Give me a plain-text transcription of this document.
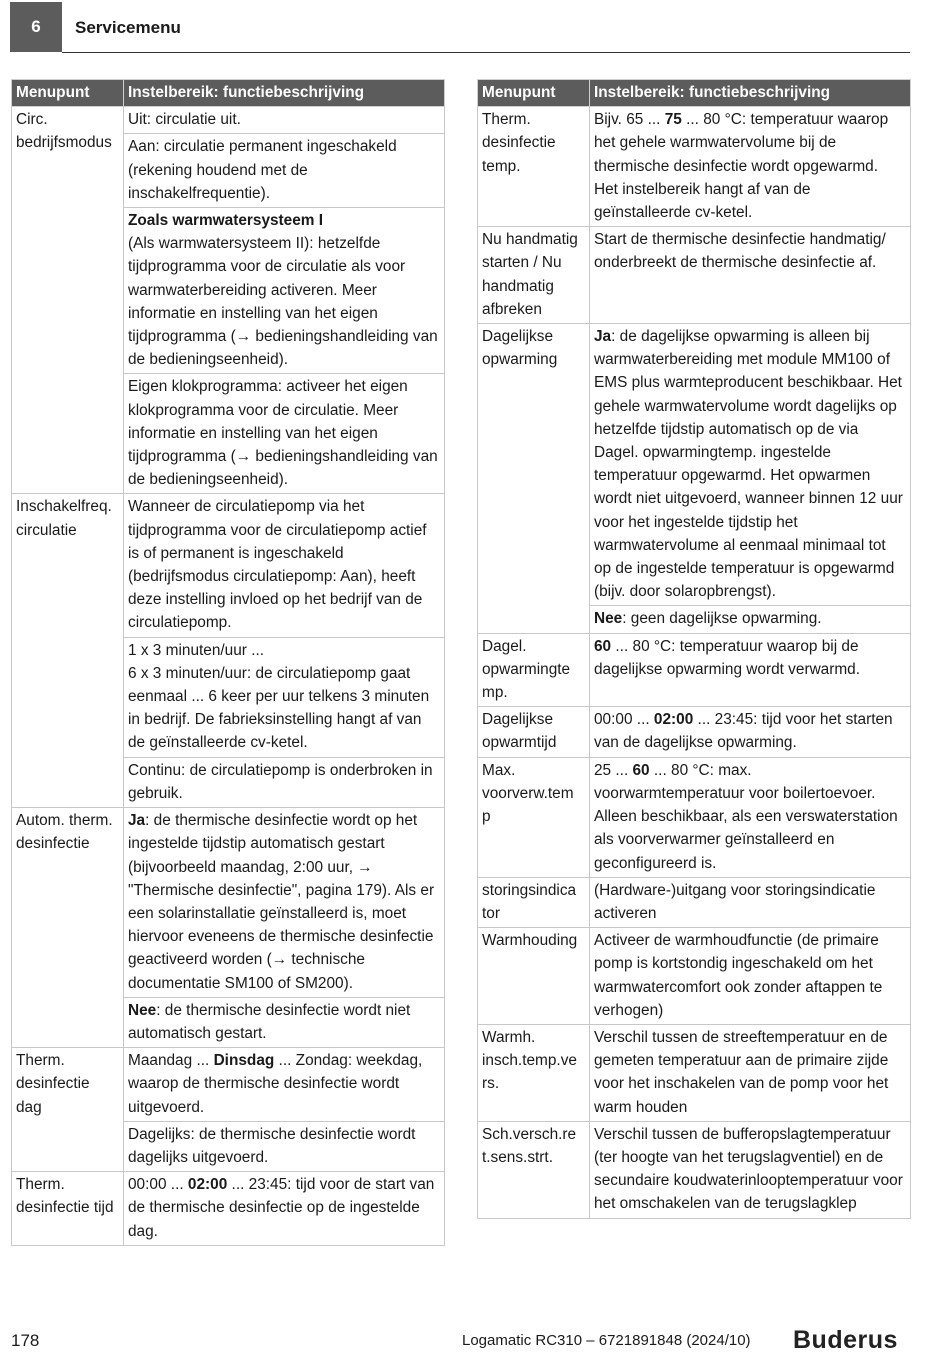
6	Servicemenu
Menupunt	Instelbereik: functiebeschrijving
Circ. bedrijfsmodus	Uit: circulatie uit.
	Aan: circulatie permanent ingeschakeld (rekening houdend met de inschakelfrequentie).
	Zoals warmwatersysteem I
(Als warmwatersysteem II): hetzelfde tijdprogramma voor de circulatie als voor warmwaterbereiding activeren. Meer informatie en instelling van het eigen tijdprogramma (→ bedieningshandleiding van de bedieningseenheid).
	Eigen klokprogramma: activeer het eigen klokprogramma voor de circulatie. Meer informatie en instelling van het eigen tijdprogramma (→ bedieningshandleiding van de bedieningseenheid).
Inschakelfreq. circulatie	Wanneer de circulatiepomp via het tijdprogramma voor de circulatiepomp actief is of permanent is ingeschakeld (bedrijfsmodus circulatiepomp: Aan), heeft deze instelling invloed op het bedrijf van de circulatiepomp.
	1 x 3 minuten/uur ...
6 x 3 minuten/uur: de circulatiepomp gaat eenmaal ... 6 keer per uur telkens 3 minuten in bedrijf. De fabrieksinstelling hangt af van de geïnstalleerde cv-ketel.
	Continu: de circulatiepomp is onderbroken in gebruik.
Autom. therm. desinfectie	Ja: de thermische desinfectie wordt op het ingestelde tijdstip automatisch gestart (bijvoorbeeld maandag, 2:00 uur, → "Thermische desinfectie", pagina 179). Als er een solarinstallatie geïnstalleerd is, moet hiervoor eveneens de thermische desinfectie geactiveerd worden (→ technische documentatie SM100 of SM200).
	Nee: de thermische desinfectie wordt niet automatisch gestart.
Therm. desinfectie dag	Maandag ... Dinsdag ... Zondag: weekdag, waarop de thermische desinfectie wordt uitgevoerd.
	Dagelijks: de thermische desinfectie wordt dagelijks uitgevoerd.
Therm. desinfectie tijd	00:00 ... 02:00 ... 23:45: tijd voor de start van de thermische desinfectie op de ingestelde dag.
Menupunt	Instelbereik: functiebeschrijving
Therm. desinfectie temp.	Bijv. 65 ... 75 ... 80 °C: temperatuur waarop het gehele warmwatervolume bij de thermische desinfectie wordt opgewarmd. Het instelbereik hangt af van de geïnstalleerde cv-ketel.
Nu handmatig starten / Nu handmatig afbreken	Start de thermische desinfectie handmatig/ onderbreekt de thermische desinfectie af.
Dagelijkse opwarming	Ja: de dagelijkse opwarming is alleen bij warmwaterbereiding met module MM100 of EMS plus warmteproducent beschikbaar. Het gehele warmwatervolume wordt dagelijks op hetzelfde tijdstip automatisch op de via Dagel. opwarmingtemp. ingestelde temperatuur opgewarmd. Het opwarmen wordt niet uitgevoerd, wanneer binnen 12 uur voor het ingestelde tijdstip het warmwatervolume al eenmaal minimaal tot op de ingestelde temperatuur is opgewarmd (bijv. door solaropbrengst).
	Nee: geen dagelijkse opwarming.
Dagel. opwarmingte mp.	60 ... 80 °C: temperatuur waarop bij de dagelijkse opwarming wordt verwarmd.
Dagelijkse opwarmtijd	00:00 ... 02:00 ... 23:45: tijd voor het starten van de dagelijkse opwarming.
Max. voorverw.tem p	25 ... 60 ... 80 °C: max. voorwarmtemperatuur voor boilertoevoer. Alleen beschikbaar, als een verswaterstation als voorverwarmer geïnstalleerd en geconfigureerd is.
storingsindica tor	(Hardware-)uitgang voor storingsindicatie activeren
Warmhouding	Activeer de warmhoudfunctie (de primaire pomp is kortstondig ingeschakeld om het warmwatercomfort ook zonder aftappen te verhogen)
Warmh. insch.temp.ve rs.	Verschil tussen de streeftemperatuur en de gemeten temperatuur aan de primaire zijde voor het inschakelen van de pomp voor het warm houden
Sch.versch.re t.sens.strt.	Verschil tussen de bufferopslagtemperatuur (ter hoogte van het terugslagventiel) en de secundaire koudwaterinlooptemperatuur voor het omschakelen van de terugslagklep
178	Logamatic RC310 – 6721891848 (2024/10) Buderus
